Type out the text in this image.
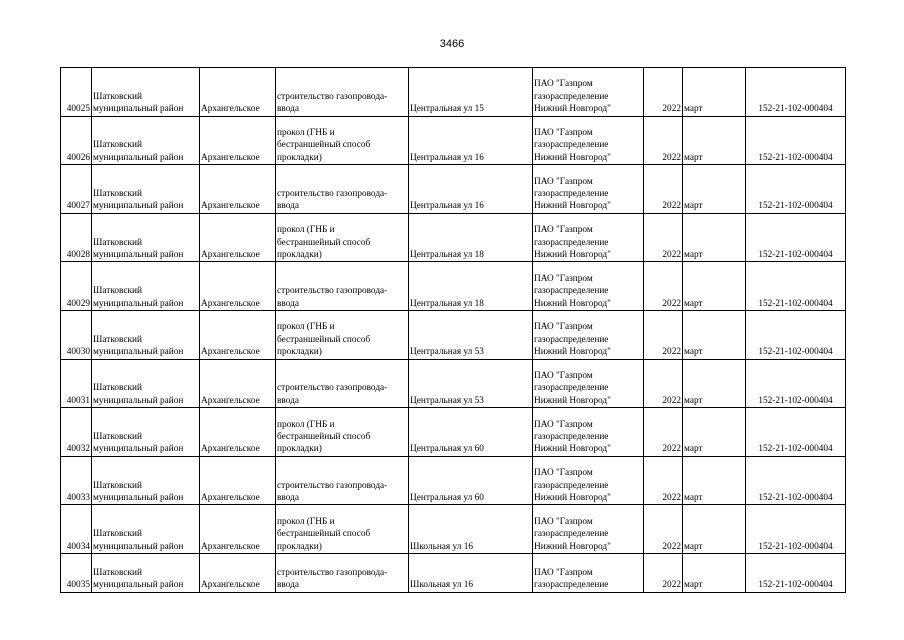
3466
40025	Шатковский
муниципальный район	Архангельское	строительство газопровода-
ввода	Центральная ул 15	ПАО "Газпром
газораспределение
Нижний Новгород"	2022	март	152-21-102-000404
40026	Шатковский
муниципальный район	Архангельское	прокол (ГНБ и
бестраншейный способ
прокладки)	Центральная ул 16	ПАО "Газпром
газораспределение
Нижний Новгород"	2022	март	152-21-102-000404
40027	Шатковский
муниципальный район	Архангельское	строительство газопровода-
ввода	Центральная ул 16	ПАО "Газпром
газораспределение
Нижний Новгород"	2022	март	152-21-102-000404
40028	Шатковский
муниципальный район	Архангельское	прокол (ГНБ и
бестраншейный способ
прокладки)	Центральная ул 18	ПАО "Газпром
газораспределение
Нижний Новгород"	2022	март	152-21-102-000404
40029	Шатковский
муниципальный район	Архангельское	строительство газопровода-
ввода	Центральная ул 18	ПАО "Газпром
газораспределение
Нижний Новгород"	2022	март	152-21-102-000404
40030	Шатковский
муниципальный район	Архангельское	прокол (ГНБ и
бестраншейный способ
прокладки)	Центральная ул 53	ПАО "Газпром
газораспределение
Нижний Новгород"	2022	март	152-21-102-000404
40031	Шатковский
муниципальный район	Архангельское	строительство газопровода-
ввода	Центральная ул 53	ПАО "Газпром
газораспределение
Нижний Новгород"	2022	март	152-21-102-000404
40032	Шатковский
муниципальный район	Архангельское	прокол (ГНБ и
бестраншейный способ
прокладки)	Центральная ул 60	ПАО "Газпром
газораспределение
Нижний Новгород"	2022	март	152-21-102-000404
40033	Шатковский
муниципальный район	Архангельское	строительство газопровода-
ввода	Центральная ул 60	ПАО "Газпром
газораспределение
Нижний Новгород"	2022	март	152-21-102-000404
40034	Шатковский
муниципальный район	Архангельское	прокол (ГНБ и
бестраншейный способ
прокладки)	Школьная ул 16	ПАО "Газпром
газораспределение
Нижний Новгород"	2022	март	152-21-102-000404
40035	Шатковский
муниципальный район	Архангельское	строительство газопровода-
ввода	Школьная ул 16	ПАО "Газпром
газораспределение	2022	март	152-21-102-000404
